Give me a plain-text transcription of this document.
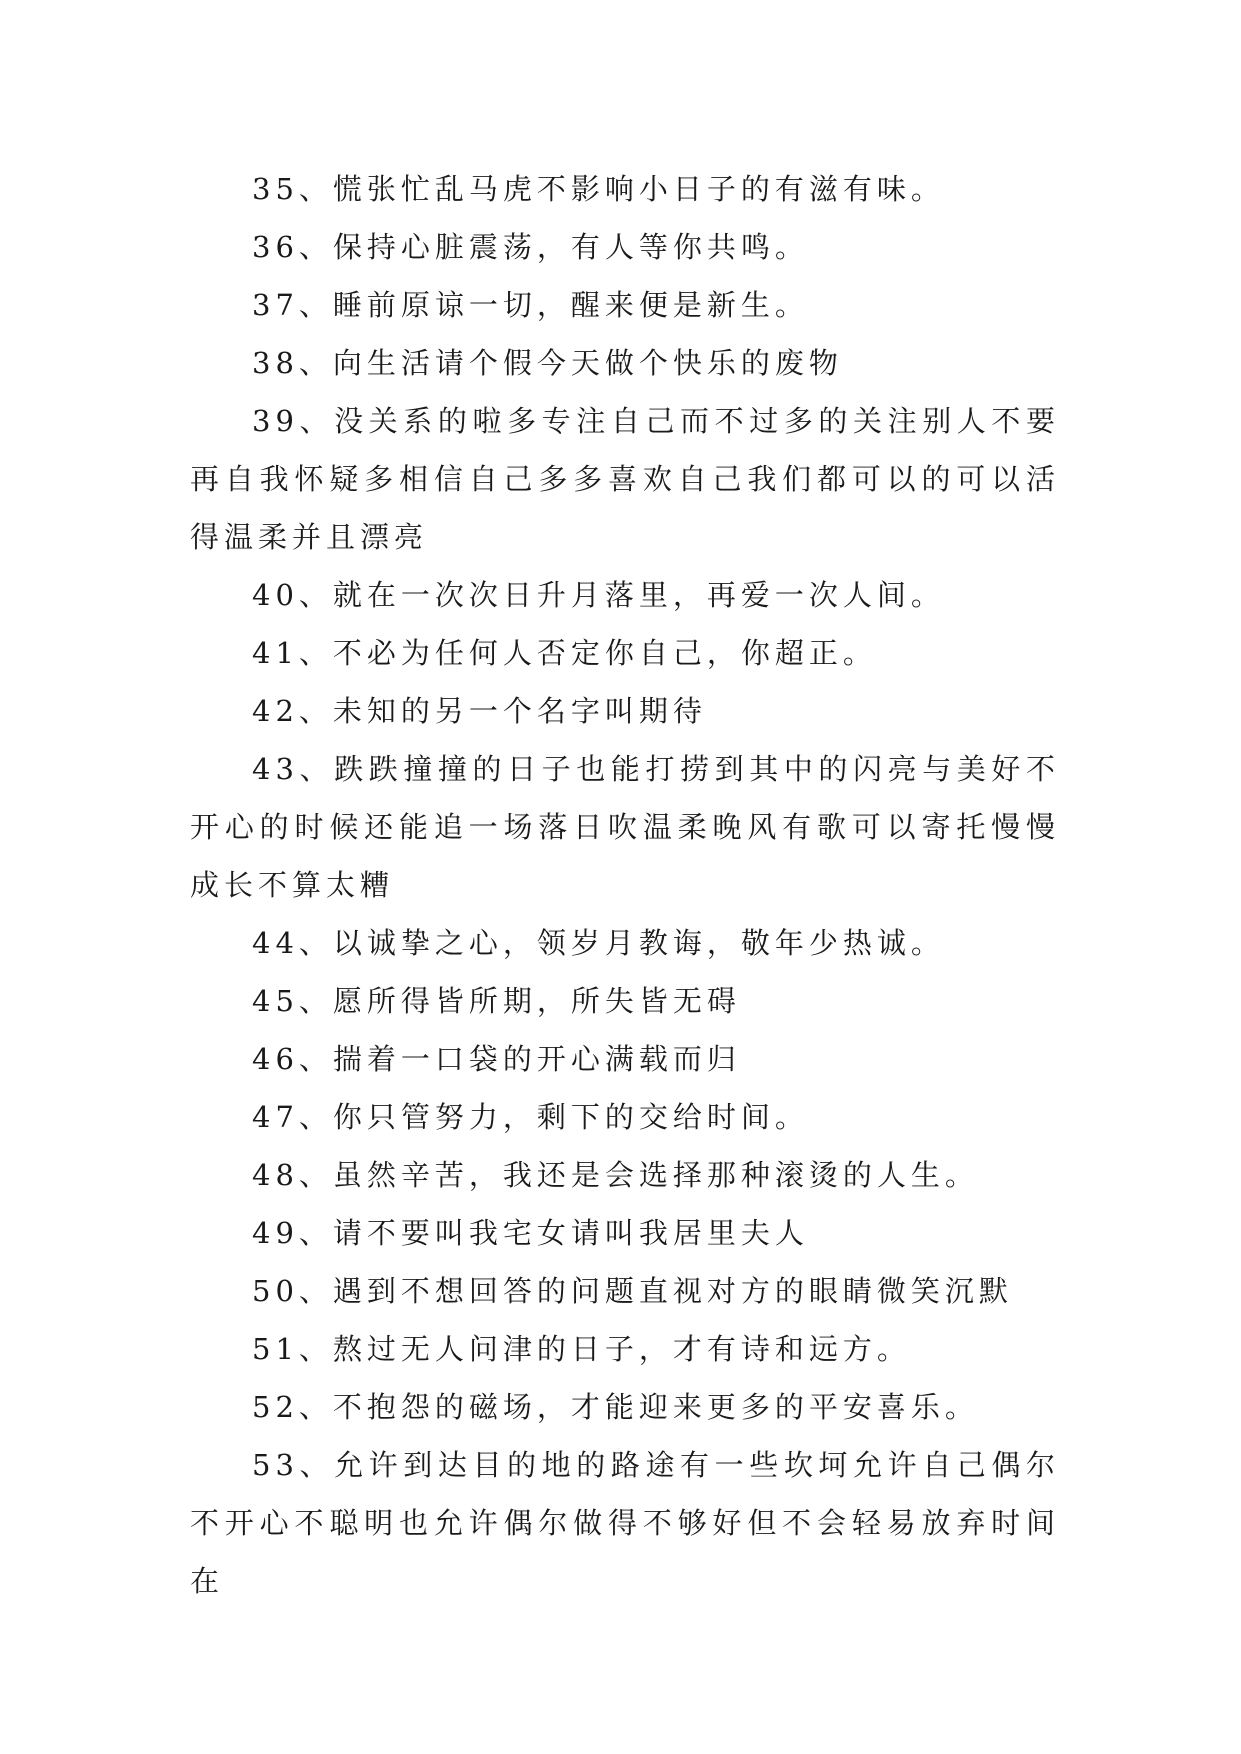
35、慌张忙乱马虎不影响小日子的有滋有味。

36、保持心脏震荡，有人等你共鸣。

37、睡前原谅一切，醒来便是新生。

38、向生活请个假今天做个快乐的废物

39、没关系的啦多专注自己而不过多的关注别人不要再自我怀疑多相信自己多多喜欢自己我们都可以的可以活得温柔并且漂亮

40、就在一次次日升月落里，再爱一次人间。

41、不必为任何人否定你自己，你超正。

42、未知的另一个名字叫期待

43、跌跌撞撞的日子也能打捞到其中的闪亮与美好不开心的时候还能追一场落日吹温柔晚风有歌可以寄托慢慢成长不算太糟

44、以诚挚之心，领岁月教诲，敬年少热诚。

45、愿所得皆所期，所失皆无碍

46、揣着一口袋的开心满载而归

47、你只管努力，剩下的交给时间。

48、虽然辛苦，我还是会选择那种滚烫的人生。

49、请不要叫我宅女请叫我居里夫人

50、遇到不想回答的问题直视对方的眼睛微笑沉默

51、熬过无人问津的日子，才有诗和远方。

52、不抱怨的磁场，才能迎来更多的平安喜乐。

53、允许到达目的地的路途有一些坎坷允许自己偶尔不开心不聪明也允许偶尔做得不够好但不会轻易放弃时间在
